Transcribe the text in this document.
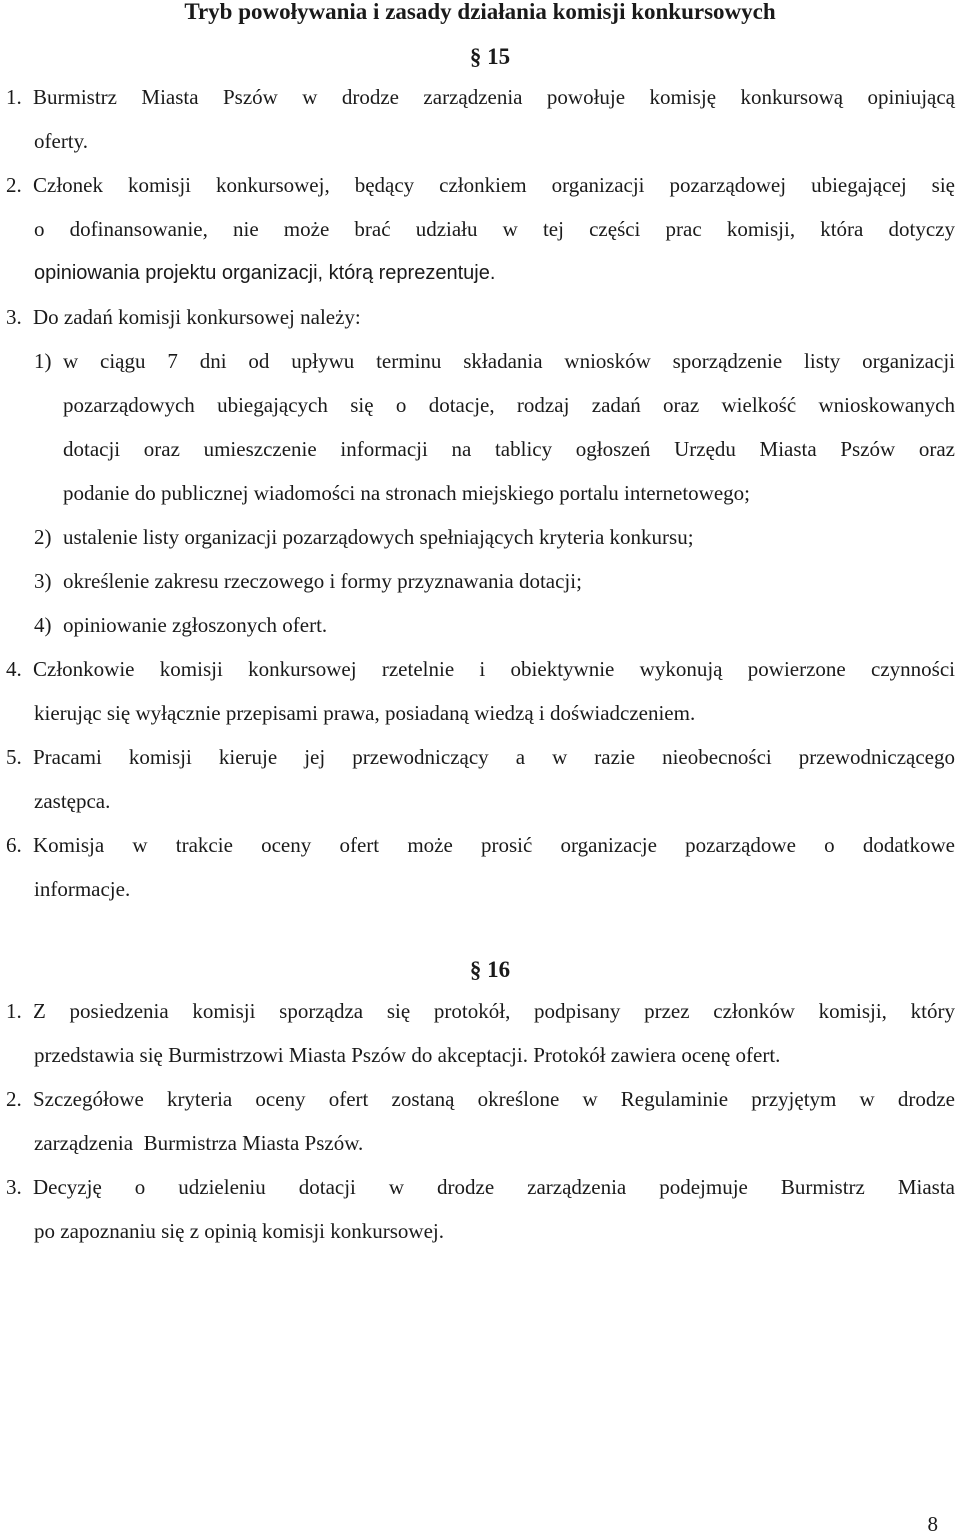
Tryb powoływania i zasady działania komisji konkursowych
§ 15

1. Burmistrz Miasta Pszów w drodze zarządzenia powołuje komisję konkursową opiniującą

oferty.

2. Członek komisji konkursowej, będący członkiem organizacji pozarządowej ubiegającej się

o dofinansowanie, nie może brać udziału w tej części prac komisji, która dotyczy

opiniowania projektu organizacji, którą reprezentuje.

3. Do zadań komisji konkursowej należy:

1) w ciągu 7 dni od upływu terminu składania wniosków sporządzenie listy organizacji

pozarządowych ubiegających się o dotacje, rodzaj zadań oraz wielkość wnioskowanych

dotacji oraz umieszczenie informacji na tablicy ogłoszeń Urzędu Miasta Pszów oraz

podanie do publicznej wiadomości na stronach miejskiego portalu internetowego;

2) ustalenie listy organizacji pozarządowych spełniających kryteria konkursu;

3) określenie zakresu rzeczowego i formy przyznawania dotacji;

4) opiniowanie zgłoszonych ofert.

4. Członkowie komisji konkursowej rzetelnie i obiektywnie wykonują powierzone czynności

kierując się wyłącznie przepisami prawa, posiadaną wiedzą i doświadczeniem.

5. Pracami komisji kieruje jej przewodniczący a w razie nieobecności przewodniczącego

zastępca.

6. Komisja w trakcie oceny ofert może prosić organizacje pozarządowe o dodatkowe

informacje.

§ 16

1. Z posiedzenia komisji sporządza się protokół, podpisany przez członków komisji, który

przedstawia się Burmistrzowi Miasta Pszów do akceptacji. Protokół zawiera ocenę ofert.

2. Szczegółowe kryteria oceny ofert zostaną określone w Regulaminie przyjętym w drodze

zarządzenia  Burmistrza Miasta Pszów.

3. Decyzję o udzieleniu dotacji w drodze zarządzenia podejmuje Burmistrz Miasta

po zapoznaniu się z opinią komisji konkursowej.

8
